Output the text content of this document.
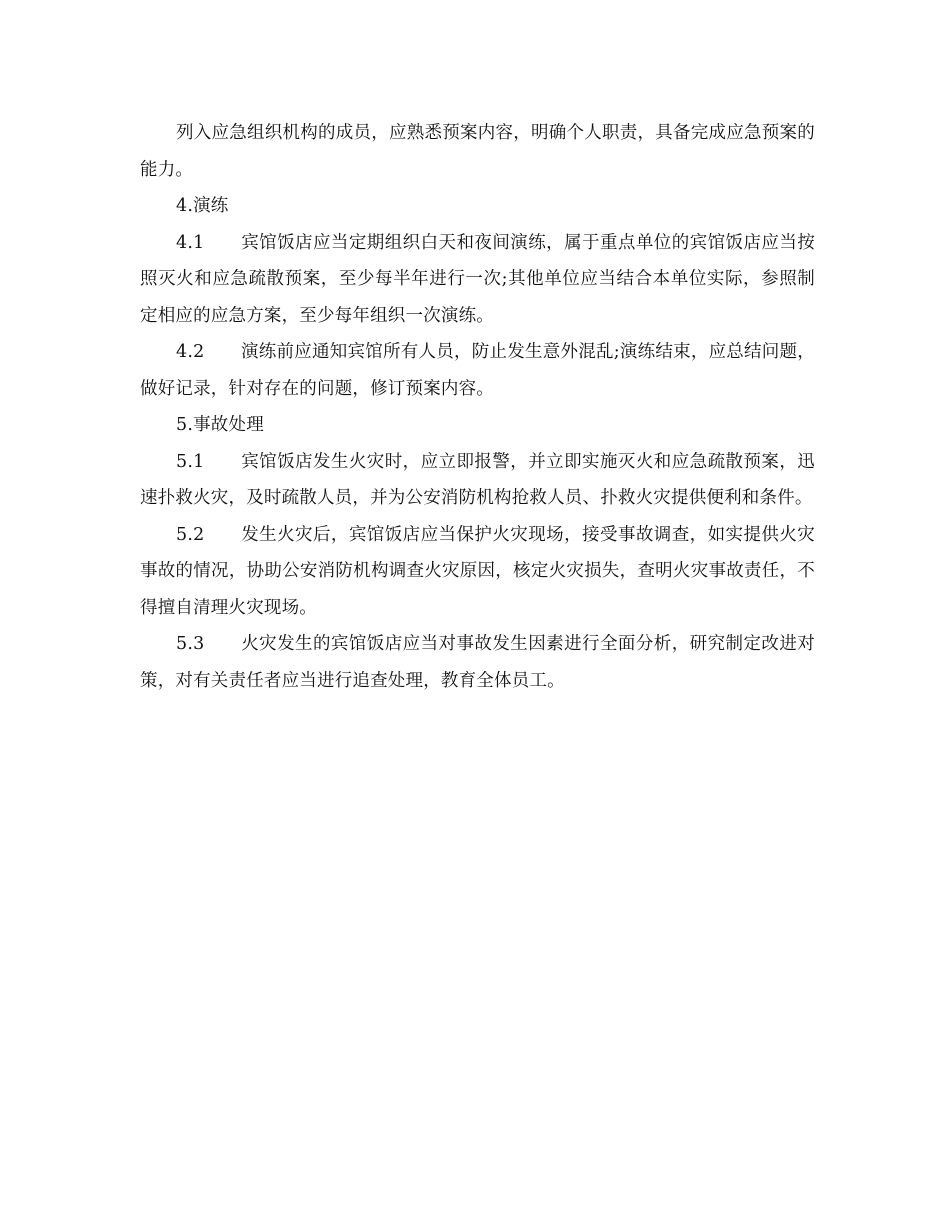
列入应急组织机构的成员，应熟悉预案内容，明确个人职责，具备完成应急预案的能力。

4.演练

4.1 宾馆饭店应当定期组织白天和夜间演练，属于重点单位的宾馆饭店应当按照灭火和应急疏散预案，至少每半年进行一次;其他单位应当结合本单位实际，参照制定相应的应急方案，至少每年组织一次演练。

4.2 演练前应通知宾馆所有人员，防止发生意外混乱;演练结束，应总结问题，做好记录，针对存在的问题，修订预案内容。

5.事故处理

5.1 宾馆饭店发生火灾时，应立即报警，并立即实施灭火和应急疏散预案，迅速扑救火灾，及时疏散人员，并为公安消防机构抢救人员、扑救火灾提供便利和条件。

5.2 发生火灾后，宾馆饭店应当保护火灾现场，接受事故调查，如实提供火灾事故的情况，协助公安消防机构调查火灾原因，核定火灾损失，查明火灾事故责任，不得擅自清理火灾现场。

5.3 火灾发生的宾馆饭店应当对事故发生因素进行全面分析，研究制定改进对策，对有关责任者应当进行追查处理，教育全体员工。
